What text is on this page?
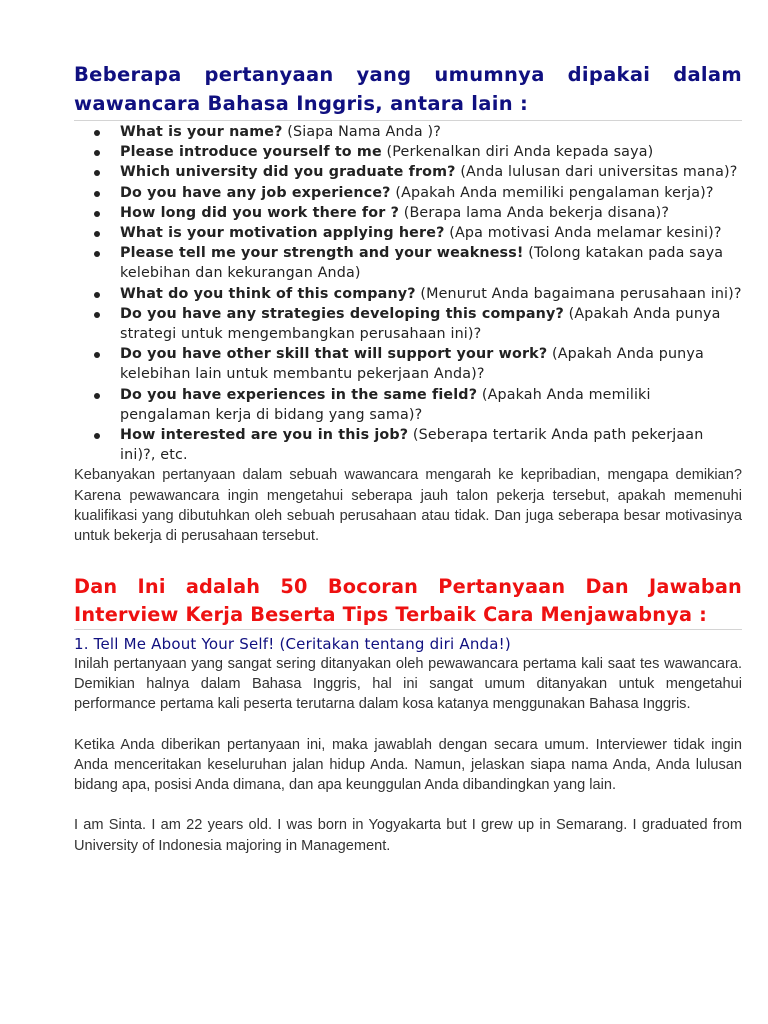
Beberapa pertanyaan yang umumnya dipakai dalam wawancara Bahasa Inggris, antara lain :
What is your name? (Siapa Nama Anda )?
Please introduce yourself to me (Perkenalkan diri Anda kepada saya)
Which university did you graduate from? (Anda lulusan dari universitas mana)?
Do you have any job experience? (Apakah Anda memiliki pengalaman kerja)?
How long did you work there for ? (Berapa lama Anda bekerja disana)?
What is your motivation applying here? (Apa motivasi Anda melamar kesini)?
Please tell me your strength and your weakness! (Tolong katakan pada saya kelebihan dan kekurangan Anda)
What do you think of this company? (Menurut Anda bagaimana perusahaan ini)?
Do you have any strategies developing this company? (Apakah Anda punya strategi untuk mengembangkan perusahaan ini)?
Do you have other skill that will support your work? (Apakah Anda punya kelebihan lain untuk membantu pekerjaan Anda)?
Do you have experiences in the same field? (Apakah Anda memiliki pengalaman kerja di bidang yang sama)?
How interested are you in this job? (Seberapa tertarik Anda path pekerjaan ini)?, etc.

Kebanyakan pertanyaan dalam sebuah wawancara mengarah ke kepribadian, mengapa demikian? Karena pewawancara ingin mengetahui seberapa jauh talon pekerja tersebut, apakah memenuhi kualifikasi yang dibutuhkan oleh sebuah perusahaan atau tidak. Dan juga seberapa besar motivasinya untuk bekerja di perusahaan tersebut.

Dan Ini adalah 50 Bocoran Pertanyaan Dan Jawaban Interview Kerja Beserta Tips Terbaik Cara Menjawabnya :
1. Tell Me About Your Self! (Ceritakan tentang diri Anda!)

Inilah pertanyaan yang sangat sering ditanyakan oleh pewawancara pertama kali saat tes wawancara. Demikian halnya dalam Bahasa Inggris, hal ini sangat umum ditanyakan untuk mengetahui performance pertama kali peserta terutarna dalam kosa katanya menggunakan Bahasa Inggris.

Ketika Anda diberikan pertanyaan ini, maka jawablah dengan secara umum. Interviewer tidak ingin Anda menceritakan keseluruhan jalan hidup Anda. Namun, jelaskan siapa nama Anda, Anda lulusan bidang apa, posisi Anda dimana, dan apa keunggulan Anda dibandingkan yang lain.

I am Sinta. I am 22 years old. I was born in Yogyakarta but I grew up in Semarang. I graduated from University of Indonesia majoring in Management.
